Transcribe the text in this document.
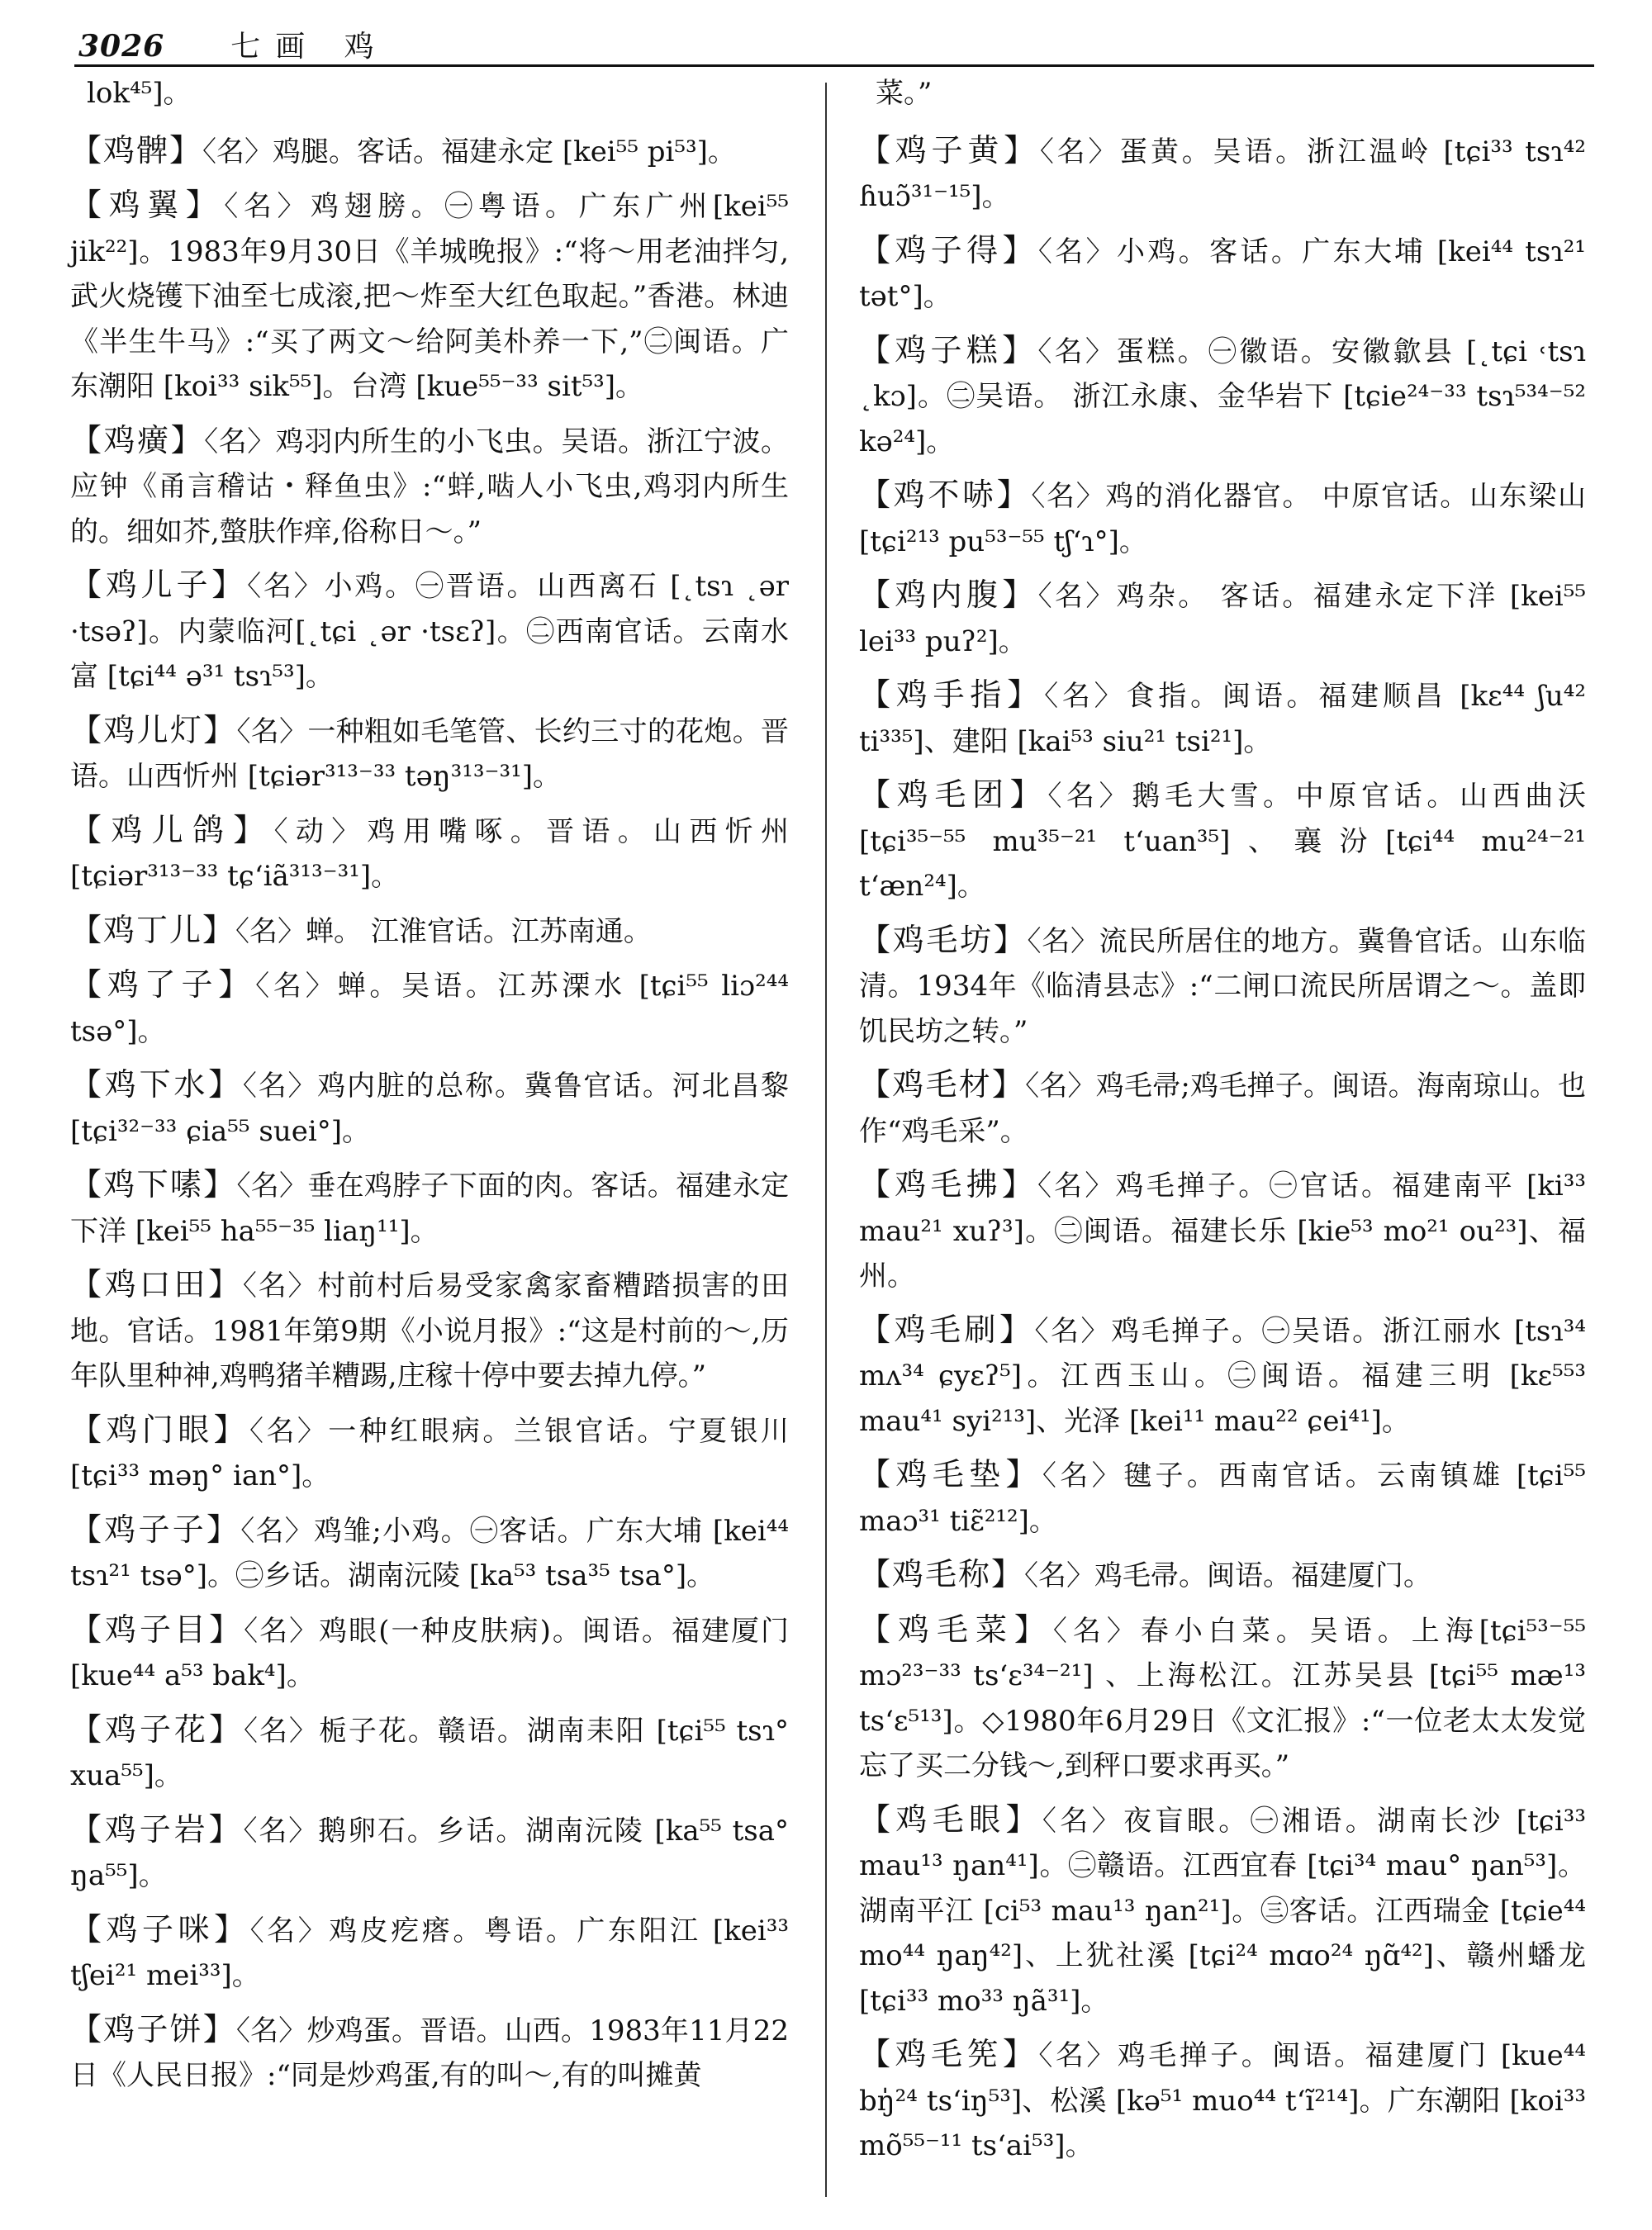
3026 七画 鸡

lok⁴⁵]。

【鸡髀】〈名〉鸡腿。客话。福建永定 [kei⁵⁵ pi⁵³]。

【鸡翼】〈名〉鸡翅膀。㊀粤语。广东广州[kei⁵⁵ jik²²]。1983年9月30日《羊城晚报》:“将～用老油拌匀,武火烧镬下油至七成滚,把～炸至大红色取起。”香港。林迪《半生牛马》:“买了两文～给阿美朴养一下,”㊁闽语。广东潮阳 [koi³³ sik⁵⁵]。台湾 [kue⁵⁵⁻³³ sit⁵³]。

【鸡癀】〈名〉鸡羽内所生的小飞虫。吴语。浙江宁波。应钟《甬言稽诂・释鱼虫》:“蛘,啮人小飞虫,鸡羽内所生的。细如芥,螫肤作痒,俗称日～。”

【鸡儿子】〈名〉小鸡。㊀晋语。山西离石 [˛tsɿ ˛ər ·tsəʔ]。内蒙临河[˛tɕi ˛ər ·tsɛʔ]。㊁西南官话。云南水富 [tɕi⁴⁴ ə³¹ tsɿ⁵³]。

【鸡儿灯】〈名〉一种粗如毛笔管、长约三寸的花炮。晋语。山西忻州 [tɕiər³¹³⁻³³ təŋ³¹³⁻³¹]。

【鸡儿鸽】〈动〉鸡用嘴啄。晋语。山西忻州[tɕiər³¹³⁻³³ tɕʻiã³¹³⁻³¹]。

【鸡丁儿】〈名〉蝉。 江淮官话。江苏南通。

【鸡了子】〈名〉蝉。吴语。江苏溧水 [tɕi⁵⁵ liɔ²⁴⁴ tsə°]。

【鸡下水】〈名〉鸡内脏的总称。冀鲁官话。河北昌黎 [tɕi³²⁻³³ ɕia⁵⁵ suei°]。

【鸡下嗉】〈名〉垂在鸡脖子下面的肉。客话。福建永定下洋 [kei⁵⁵ ha⁵⁵⁻³⁵ liaŋ¹¹]。

【鸡口田】〈名〉村前村后易受家禽家畜糟踏损害的田地。官话。1981年第9期《小说月报》:“这是村前的～,历年队里种神,鸡鸭猪羊糟踢,庄稼十停中要去掉九停。”

【鸡门眼】〈名〉一种红眼病。兰银官话。宁夏银川 [tɕi³³ məŋ° ian°]。

【鸡子子】〈名〉鸡雏;小鸡。㊀客话。广东大埔 [kei⁴⁴ tsɿ²¹ tsə°]。㊁乡话。湖南沅陵 [ka⁵³ tsa³⁵ tsa°]。

【鸡子目】〈名〉鸡眼(一种皮肤病)。闽语。福建厦门 [kue⁴⁴ a⁵³ bak⁴]。

【鸡子花】〈名〉栀子花。赣语。湖南耒阳 [tɕi⁵⁵ tsɿ° xua⁵⁵]。

【鸡子岩】〈名〉鹅卵石。乡话。湖南沅陵 [ka⁵⁵ tsa° ŋa⁵⁵]。

【鸡子咪】〈名〉鸡皮疙瘩。粤语。广东阳江 [kei³³ tʃei²¹ mei³³]。

【鸡子饼】〈名〉炒鸡蛋。晋语。山西。1983年11月22日《人民日报》:“同是炒鸡蛋,有的叫～,有的叫摊黄

菜。”

【鸡子黄】〈名〉蛋黄。吴语。浙江温岭 [tɕi³³ tsɿ⁴² ɦuɔ̃³¹⁻¹⁵]。

【鸡子得】〈名〉小鸡。客话。广东大埔 [kei⁴⁴ tsɿ²¹ tət°]。

【鸡子糕】〈名〉蛋糕。㊀徽语。安徽歙县 [˛tɕi ˓tsɿ ˛kɔ]。㊁吴语。 浙江永康、金华岩下 [tɕie²⁴⁻³³ tsɿ⁵³⁴⁻⁵² kə²⁴]。

【鸡不哧】〈名〉鸡的消化器官。 中原官话。山东梁山 [tɕi²¹³ pu⁵³⁻⁵⁵ tʃʻɿ°]。

【鸡内腹】〈名〉鸡杂。 客话。福建永定下洋 [kei⁵⁵ lei³³ puʔ²]。

【鸡手指】〈名〉食指。闽语。福建顺昌 [kɛ⁴⁴ ʃu⁴² ti³³⁵]、建阳 [kai⁵³ siu²¹ tsi²¹]。

【鸡毛团】〈名〉鹅毛大雪。中原官话。山西曲沃[tɕi³⁵⁻⁵⁵ mu³⁵⁻²¹ tʻuan³⁵]、襄汾[tɕi⁴⁴ mu²⁴⁻²¹ tʻæn²⁴]。

【鸡毛坊】〈名〉流民所居住的地方。冀鲁官话。山东临清。1934年《临清县志》:“二闸口流民所居谓之～。盖即饥民坊之转。”

【鸡毛材】〈名〉鸡毛帚;鸡毛掸子。闽语。海南琼山。也作“鸡毛采”。

【鸡毛拂】〈名〉鸡毛掸子。㊀官话。福建南平 [ki³³ mau²¹ xuʔ³]。㊁闽语。福建长乐 [kie⁵³ mo²¹ ou²³]、福州。

【鸡毛刷】〈名〉鸡毛掸子。㊀吴语。浙江丽水 [tsɿ³⁴ mʌ³⁴ ɕyɛʔ⁵]。江西玉山。㊁闽语。福建三明 [kɛ⁵⁵³ mau⁴¹ syi²¹³]、光泽 [kei¹¹ mau²² ɕei⁴¹]。

【鸡毛垫】〈名〉毽子。西南官话。云南镇雄 [tɕi⁵⁵ maɔ³¹ tiɛ̃²¹²]。

【鸡毛称】〈名〉鸡毛帚。闽语。福建厦门。

【鸡毛菜】〈名〉春小白菜。吴语。上海[tɕi⁵³⁻⁵⁵ mɔ²³⁻³³ tsʻɛ³⁴⁻²¹] 、上海松江。江苏吴县 [tɕi⁵⁵ mæ¹³ tsʻɛ⁵¹³]。◇1980年6月29日《文汇报》:“一位老太太发觉忘了买二分钱～,到秤口要求再买。”

【鸡毛眼】〈名〉夜盲眼。㊀湘语。湖南长沙 [tɕi³³ mau¹³ ŋan⁴¹]。㊁赣语。江西宜春 [tɕi³⁴ mau° ŋan⁵³]。湖南平江 [ci⁵³ mau¹³ ŋan²¹]。㊂客话。江西瑞金 [tɕie⁴⁴ mo⁴⁴ ŋaŋ⁴²]、上犹社溪 [tɕi²⁴ mɑo²⁴ ŋɑ̃⁴²]、赣州蟠龙 [tɕi³³ mo³³ ŋã³¹]。

【鸡毛筅】〈名〉鸡毛掸子。闽语。福建厦门 [kue⁴⁴ bŋ̍²⁴ tsʻiŋ⁵³]、松溪 [kə⁵¹ muo⁴⁴ tʻĩ²¹⁴]。广东潮阳 [koi³³ mõ⁵⁵⁻¹¹ tsʻai⁵³]。
